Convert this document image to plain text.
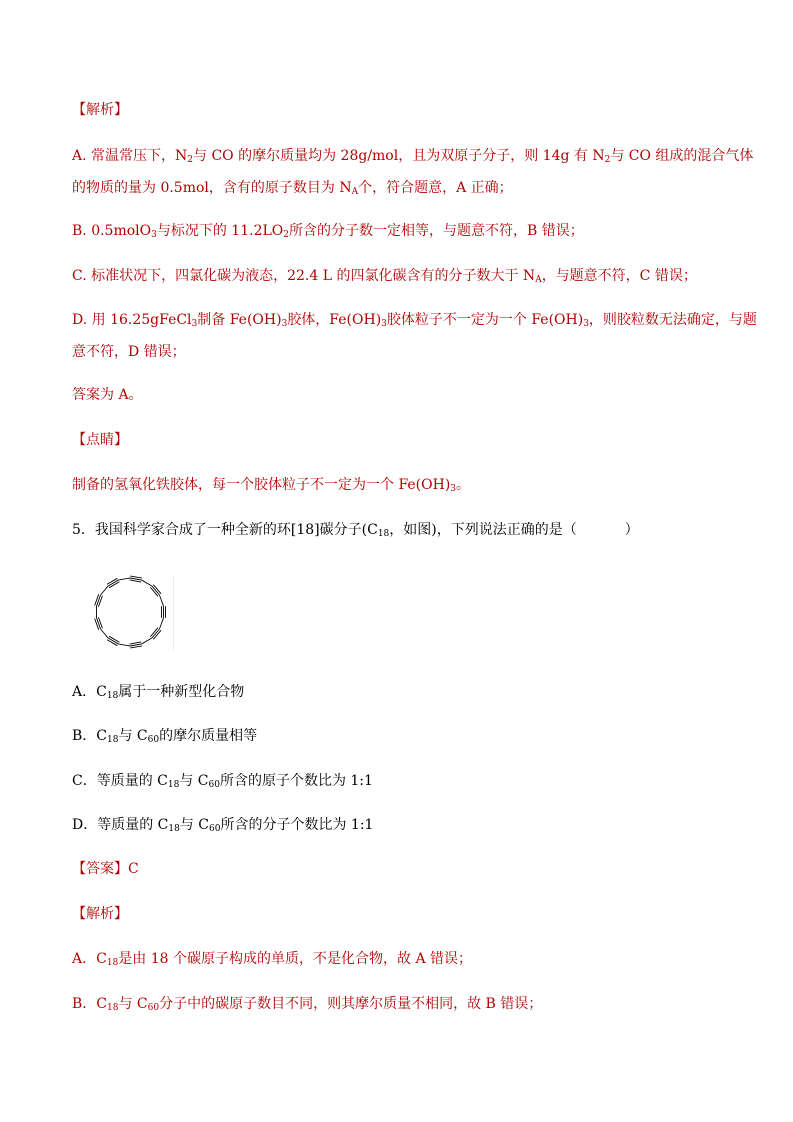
【解析】
A. 常温常压下，$N_2$与 CO 的摩尔质量均为 28g/mol，且为双原子分子，则 14g 有 $N_2$与 CO 组成的混合气体
的物质的量为 0.5mol，含有的原子数目为 $N_A$个，符合题意，A 正确；
B. 0.5molO$_3$与标况下的 $11.2LO_2$所含的分子数一定相等，与题意不符，B 错误；
C. 标准状况下，四氯化碳为液态，22.4 L 的四氯化碳含有的分子数大于 $N_A$，与题意不符，C 错误；
D. 用 16.25gFeCl$_3$制备 $Fe(OH)_3$胶体，$Fe(OH)_3$胶体粒子不一定为一个 $Fe(OH)_3$，则胶粒数无法确定，与题
意不符，D 错误；
答案为 A。
【点睛】
制备的氢氧化铁胶体，每一个胶体粒子不一定为一个 $Fe(OH)_3$。
5．我国科学家合成了一种全新的环[18]碳分子($C_{18}$，如图)，下列说法正确的是（	）
A．$C_{18}$属于一种新型化合物
B．$C_{18}$与 $C_{60}$的摩尔质量相等
C．等质量的 $C_{18}$与 $C_{60}$所含的原子个数比为 1:1
D．等质量的 $C_{18}$与 $C_{60}$所含的分子个数比为 1:1
【答案】C
【解析】
A．$C_{18}$是由 18 个碳原子构成的单质，不是化合物，故 A 错误；
B．$C_{18}$与 $C_{60}$分子中的碳原子数目不同，则其摩尔质量不相同，故 B 错误；
